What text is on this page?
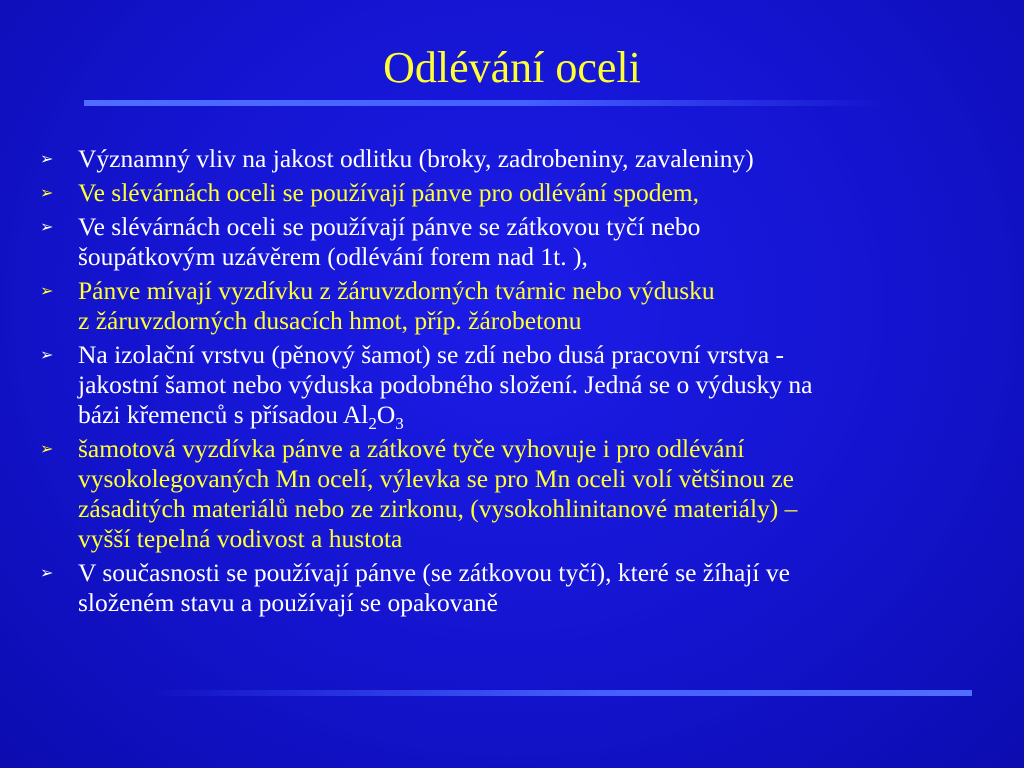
Odlévání oceli
➢ Významný vliv na jakost odlitku (broky, zadrobeniny, zavaleniny)
➢ Ve slévárnách oceli se používají pánve pro odlévání spodem,
➢ Ve slévárnách oceli se používají pánve se zátkovou tyčí nebo
šoupátkovým uzávěrem (odlévání forem nad 1t. ),
➢ Pánve mívají vyzdívku z žáruvzdorných tvárnic nebo výdusku
z žáruvzdorných dusacích hmot, příp. žárobetonu
➢ Na izolační vrstvu (pěnový šamot) se zdí nebo dusá pracovní vrstva -
jakostní šamot nebo výduska podobného složení. Jedná se o výdusky na
bázi křemenců s přísadou $Al_2O_3$
➢ šamotová vyzdívka pánve a zátkové tyče vyhovuje i pro odlévání
vysokolegovaných Mn ocelí, výlevka se pro Mn oceli volí většinou ze
zásaditých materiálů nebo ze zirkonu, (vysokohlinitanové materiály) –
vyšší tepelná vodivost a hustota
➢ V současnosti se používají pánve (se zátkovou tyčí), které se žíhají ve
složeném stavu a používají se opakovaně
